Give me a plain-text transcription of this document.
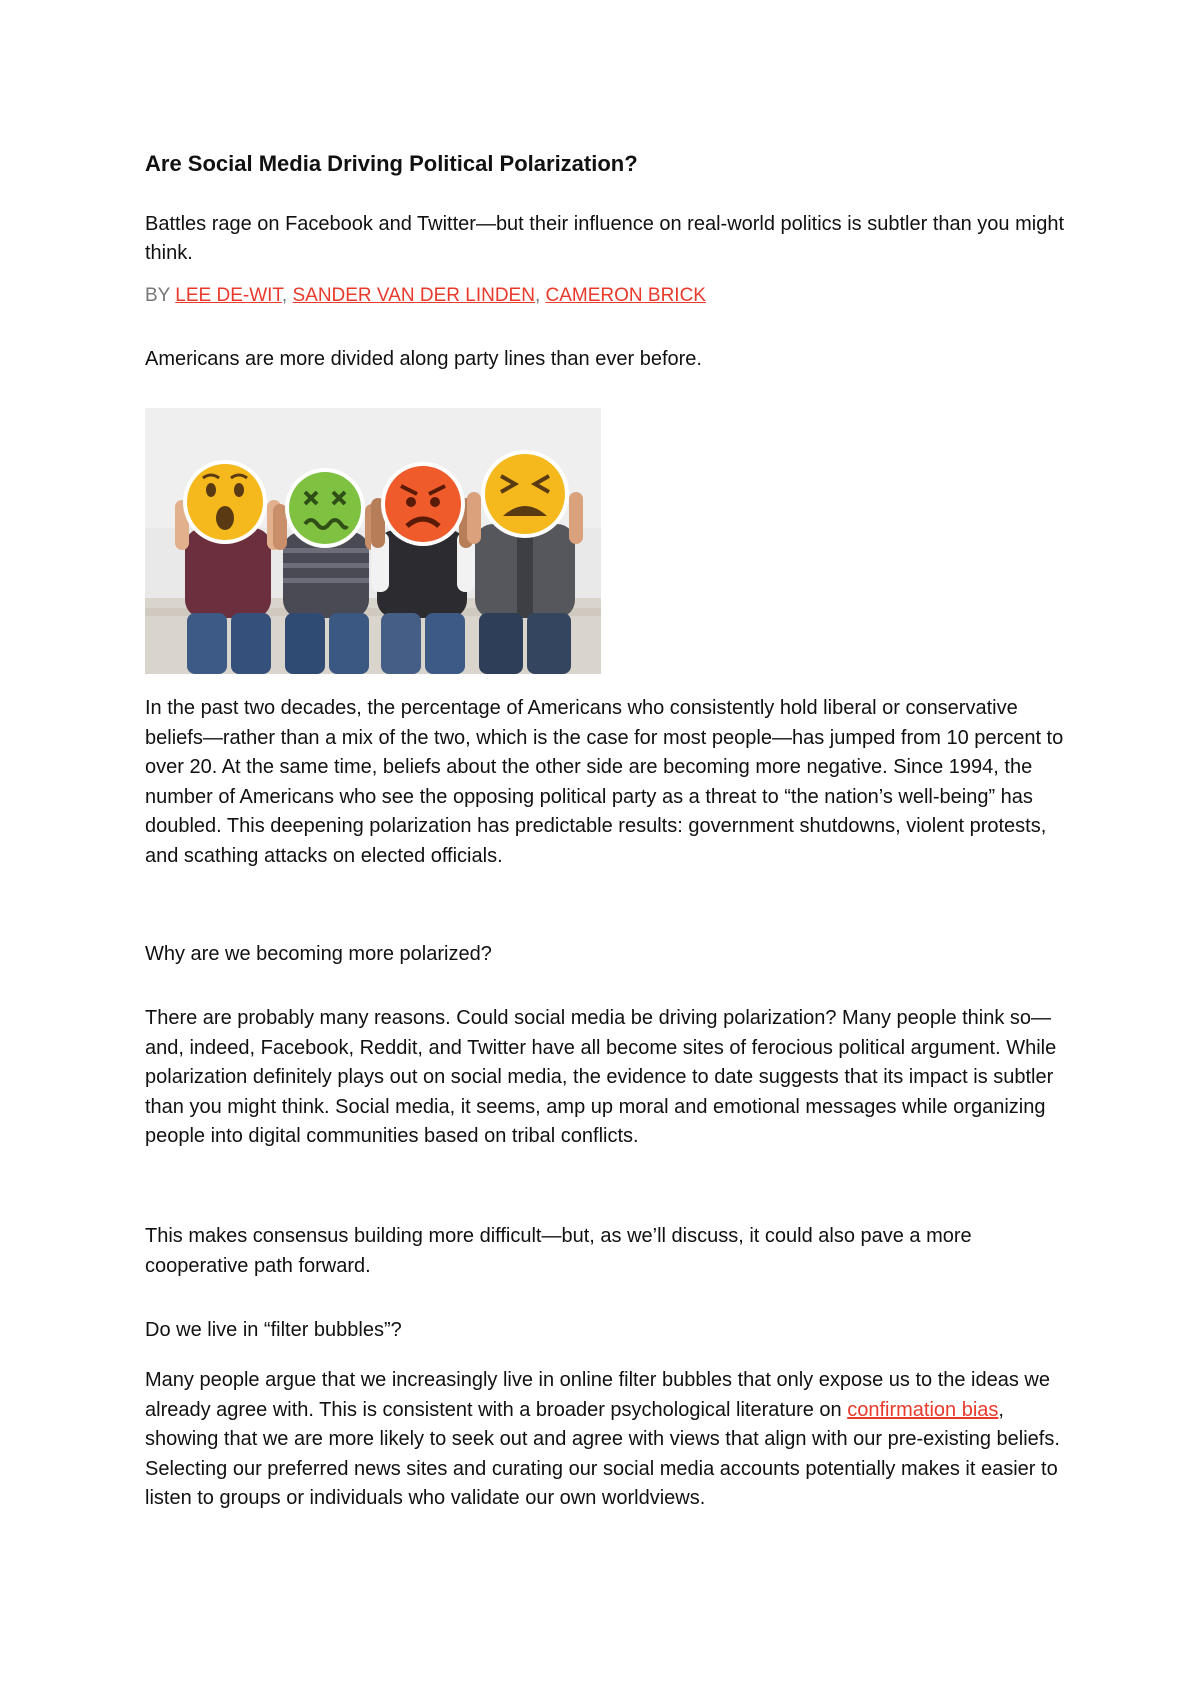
Are Social Media Driving Political Polarization?

Battles rage on Facebook and Twitter—but their influence on real-world politics is subtler than you might think.

BY LEE DE-WIT, SANDER VAN DER LINDEN, CAMERON BRICK

Americans are more divided along party lines than ever before.

In the past two decades, the percentage of Americans who consistently hold liberal or conservative beliefs—rather than a mix of the two, which is the case for most people—has jumped from 10 percent to over 20. At the same time, beliefs about the other side are becoming more negative. Since 1994, the number of Americans who see the opposing political party as a threat to “the nation’s well-being” has doubled. This deepening polarization has predictable results: government shutdowns, violent protests, and scathing attacks on elected officials.

Why are we becoming more polarized?

There are probably many reasons. Could social media be driving polarization? Many people think so—and, indeed, Facebook, Reddit, and Twitter have all become sites of ferocious political argument. While polarization definitely plays out on social media, the evidence to date suggests that its impact is subtler than you might think. Social media, it seems, amp up moral and emotional messages while organizing people into digital communities based on tribal conflicts.

This makes consensus building more difficult—but, as we’ll discuss, it could also pave a more cooperative path forward.

Do we live in “filter bubbles”?

Many people argue that we increasingly live in online filter bubbles that only expose us to the ideas we already agree with. This is consistent with a broader psychological literature on confirmation bias, showing that we are more likely to seek out and agree with views that align with our pre-existing beliefs. Selecting our preferred news sites and curating our social media accounts potentially makes it easier to listen to groups or individuals who validate our own worldviews.
